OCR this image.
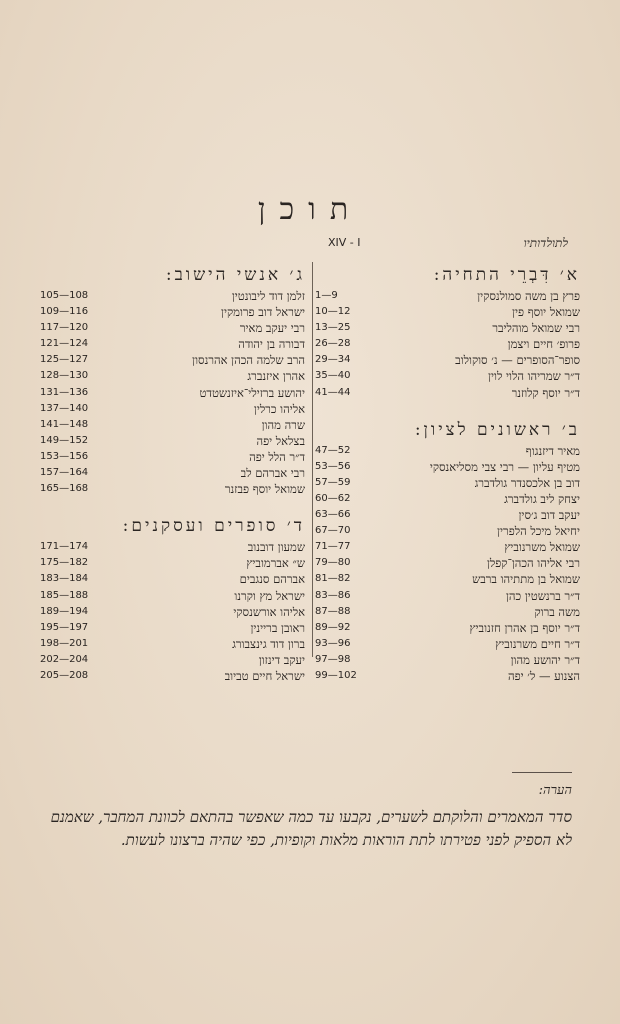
תוכן
XIV ‑ I	לתולדותיו
א׳ דִּבְרֵי התחיה:
פרץ בן משה סמולנסקין
1—9
שמואל יוסף פין
10—12
רבי שמואל מוהליבר
13—25
פרופ׳ חיים ויצמן
26—28
סופר־הסופרים — נ׳ סוקולוב
29—34
ד״ר שמריהו הלוי לוין
35—40
ד״ר יוסף קלוזנר
41—44
ב׳ ראשונים לציון:
מאיר דיזנגוף
47—52
מטיף עליון — רבי צבי מסליאנסקי
53—56
דוב בן אלכסנדר גולדברג
57—59
יצחק ליב גולדברג
60—62
יעקב דוב ג׳סין
63—66
יחיאל מיכל הלפרין
67—70
שמואל משרנוביץ
71—77
רבי אליהו הכהן־קפלן
79—80
שמואל בן מתתיהו ברבש
81—82
ד״ר ברנשטין כהן
83—86
משה ברוק
87—88
ד״ר יוסף בן אהרן חזנוביץ
89—92
ד״ר חיים משרנוביץ
93—96
ד״ר יהושע מהון
97—98
הצנוע — ל׳ יפה
99—102
ג׳ אנשי הישוב:
זלמן דוד ליבונטין
105—108
ישראל דוב פרומקין
109—116
רבי יעקב מאיר
117—120
דבורה בן יהודה
121—124
הרב שלמה הכהן אהרנסון
125—127
אהרן איזנברג
128—130
יהושע ברזילי־איזנשטדט
131—136
אליהו כרלין
137—140
שרה מהון
141—148
בצלאל יפה
149—152
ד״ר הלל יפה
153—156
רבי אברהם לב
157—164
שמואל יוסף פבזנר
165—168
ד׳ סופרים ועסקנים:
שמעון דובנוב
171—174
ש״ אברמוביץ
175—182
אברהם סנגבים
183—184
ישראל מץ וקרנו
185—188
אליהו אורשנסקי
189—194
ראובן בריינין
195—197
ברון דוד גינצבורג
198—201
יעקב דינזון
202—204
ישראל חיים טביוב
205—208
הערה:
סדר המאמרים והלוקתם לשערים, נקבעו עד כמה שאפשר בהתאם לכוונת המחבר, שאמנם לא הספיק לפני פטירתו לתת הוראות מלאות וקופיות, כפי שהיה ברצונו לעשות.
